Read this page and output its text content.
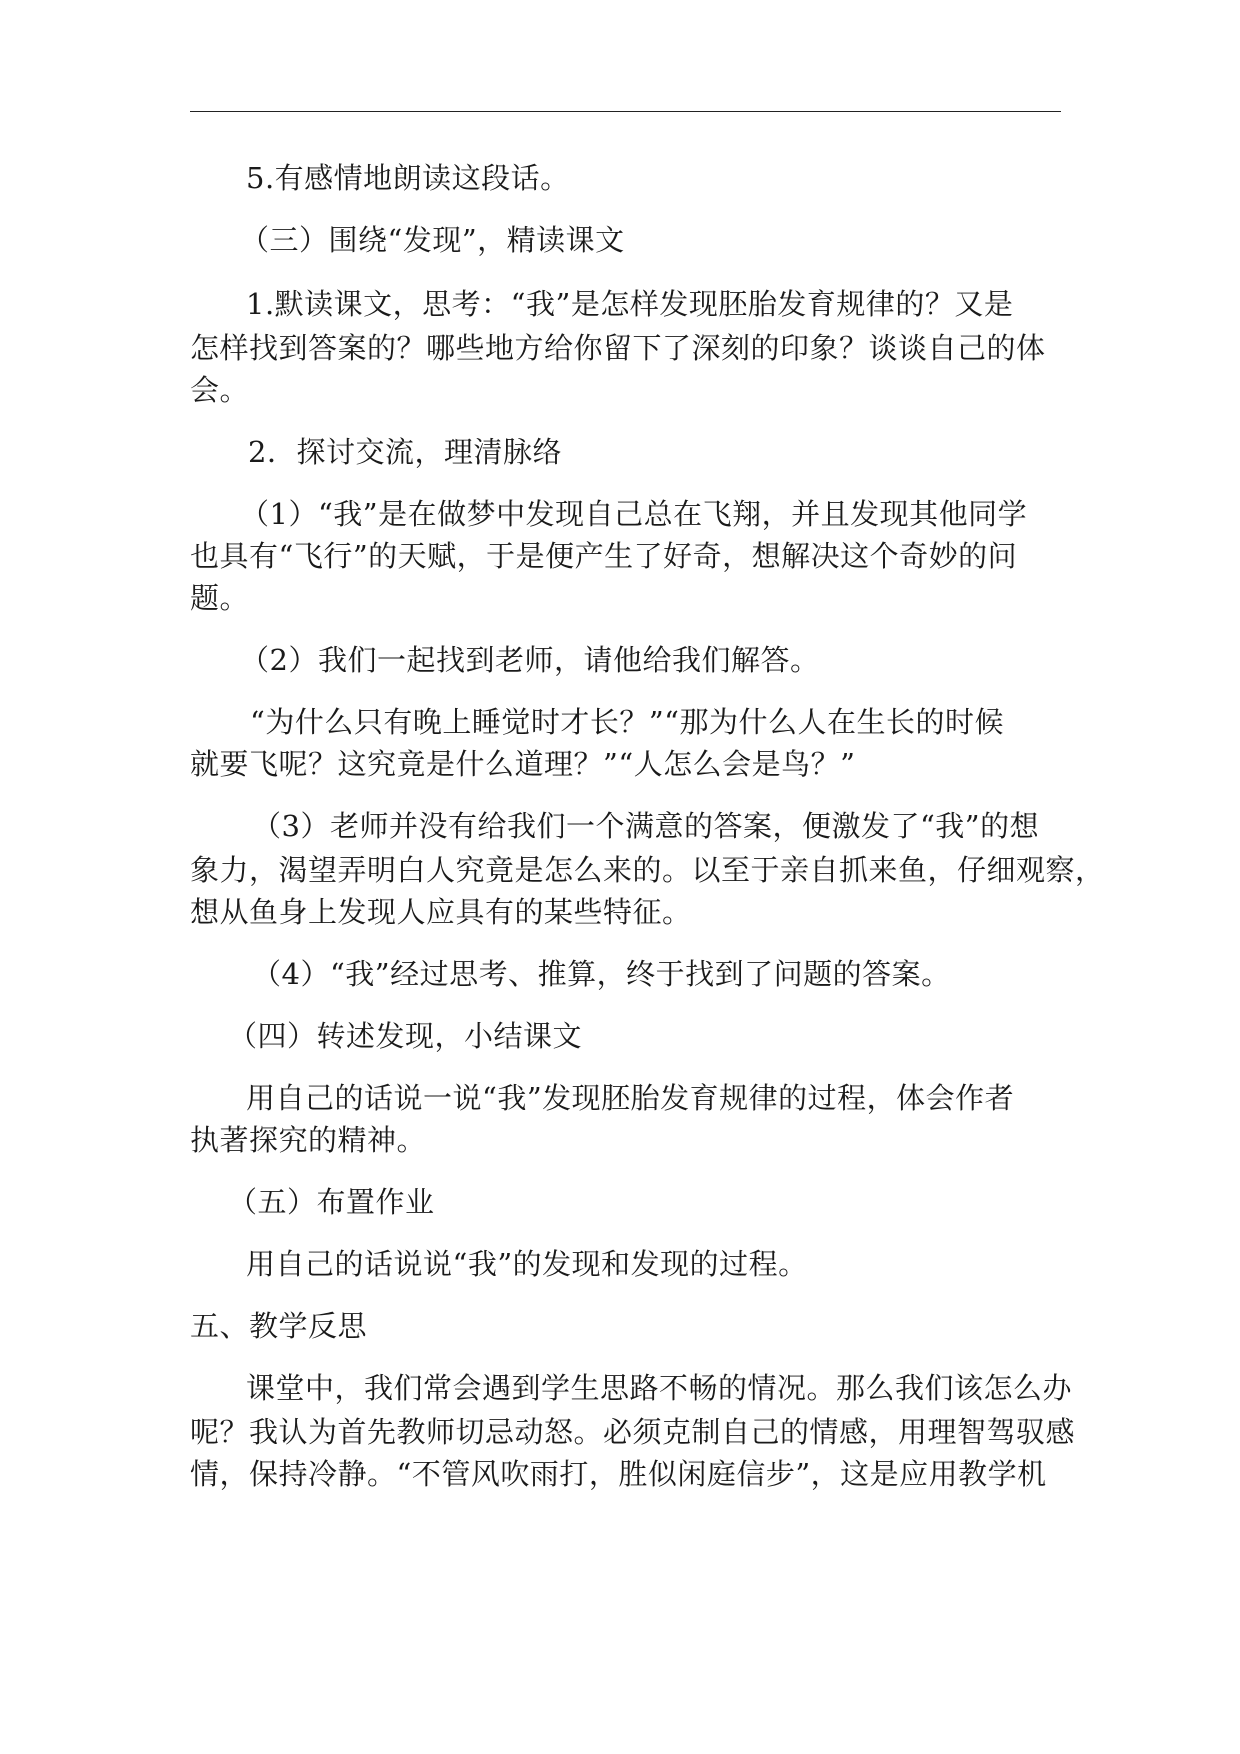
5.有感情地朗读这段话。
（三）围绕“发现”，精读课文
1.默读课文，思考：“我”是怎样发现胚胎发育规律的？又是
怎样找到答案的？哪些地方给你留下了深刻的印象？谈谈自己的体
会。
2．探讨交流，理清脉络
（1）“我”是在做梦中发现自己总在飞翔，并且发现其他同学
也具有“飞行”的天赋，于是便产生了好奇，想解决这个奇妙的问
题。
（2）我们一起找到老师，请他给我们解答。
“为什么只有晚上睡觉时才长？”“那为什么人在生长的时候
就要飞呢？这究竟是什么道理？”“人怎么会是鸟？”
（3）老师并没有给我们一个满意的答案，便激发了“我”的想
象力，渴望弄明白人究竟是怎么来的。以至于亲自抓来鱼，仔细观察，
想从鱼身上发现人应具有的某些特征。
（4）“我”经过思考、推算，终于找到了问题的答案。
（四）转述发现，小结课文
用自己的话说一说“我”发现胚胎发育规律的过程，体会作者
执著探究的精神。
（五）布置作业
用自己的话说说“我”的发现和发现的过程。
五、教学反思
课堂中，我们常会遇到学生思路不畅的情况。那么我们该怎么办
呢？我认为首先教师切忌动怒。必须克制自己的情感，用理智驾驭感
情，保持冷静。“不管风吹雨打，胜似闲庭信步”，这是应用教学机
